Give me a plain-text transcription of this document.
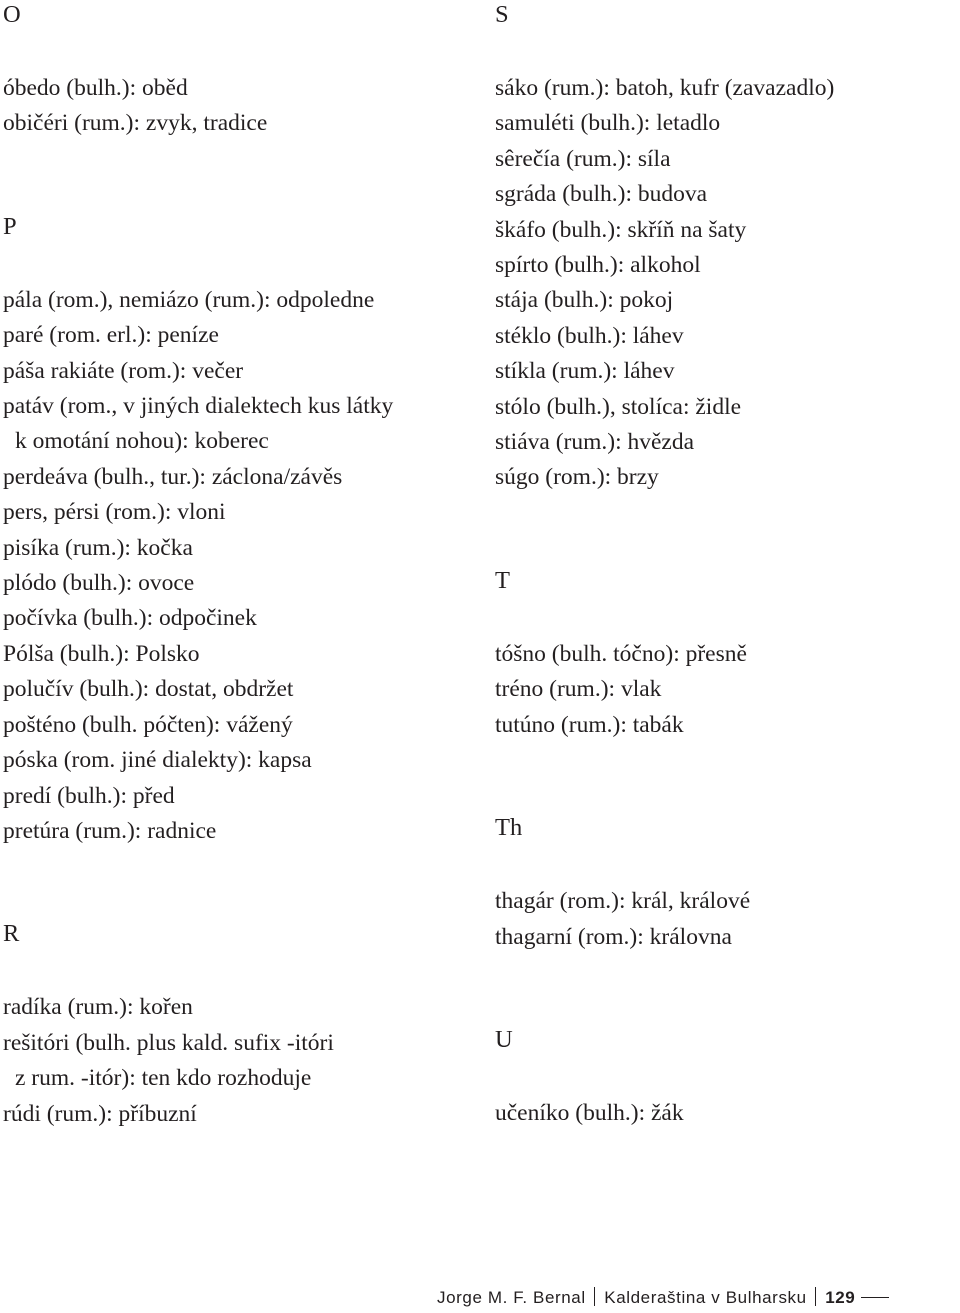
O
óbedo (bulh.): oběd
običéri (rum.): zvyk, tradice
P
pála (rom.), nemiázo (rum.): odpoledne
paré (rom. erl.): peníze
páša rakiáte (rom.): večer
patáv (rom., v jiných dialektech kus látky
k omotání nohou): koberec
perdeáva (bulh., tur.): záclona/závěs
pers, pérsi (rom.): vloni
pisíka (rum.): kočka
plódo (bulh.): ovoce
počívka (bulh.): odpočinek
Pólša (bulh.): Polsko
polučív (bulh.): dostat, obdržet
pošténo (bulh. póčten): vážený
póska (rom. jiné dialekty): kapsa
predí (bulh.): před
pretúra (rum.): radnice
R
radíka (rum.): kořen
rešitóri (bulh. plus kald. sufix -itóri
z rum. -itór): ten kdo rozhoduje
rúdi (rum.): příbuzní
S
sáko (rum.): batoh, kufr (zavazadlo)
samuléti (bulh.): letadlo
sêrečía (rum.): síla
sgráda (bulh.): budova
škáfo (bulh.): skříň na šaty
spírto (bulh.): alkohol
stája (bulh.): pokoj
stéklo (bulh.): láhev
stíkla (rum.): láhev
stólo (bulh.), stolíca: židle
stiáva (rum.): hvězda
súgo (rom.): brzy
T
tóšno (bulh. tóčno): přesně
tréno (rum.): vlak
tutúno (rum.): tabák
Th
thagár (rom.): král, králové
thagarní (rom.): královna
U
učeníko (bulh.): žák
Jorge M. F. Bernal Kalderaština v Bulharsku 129
